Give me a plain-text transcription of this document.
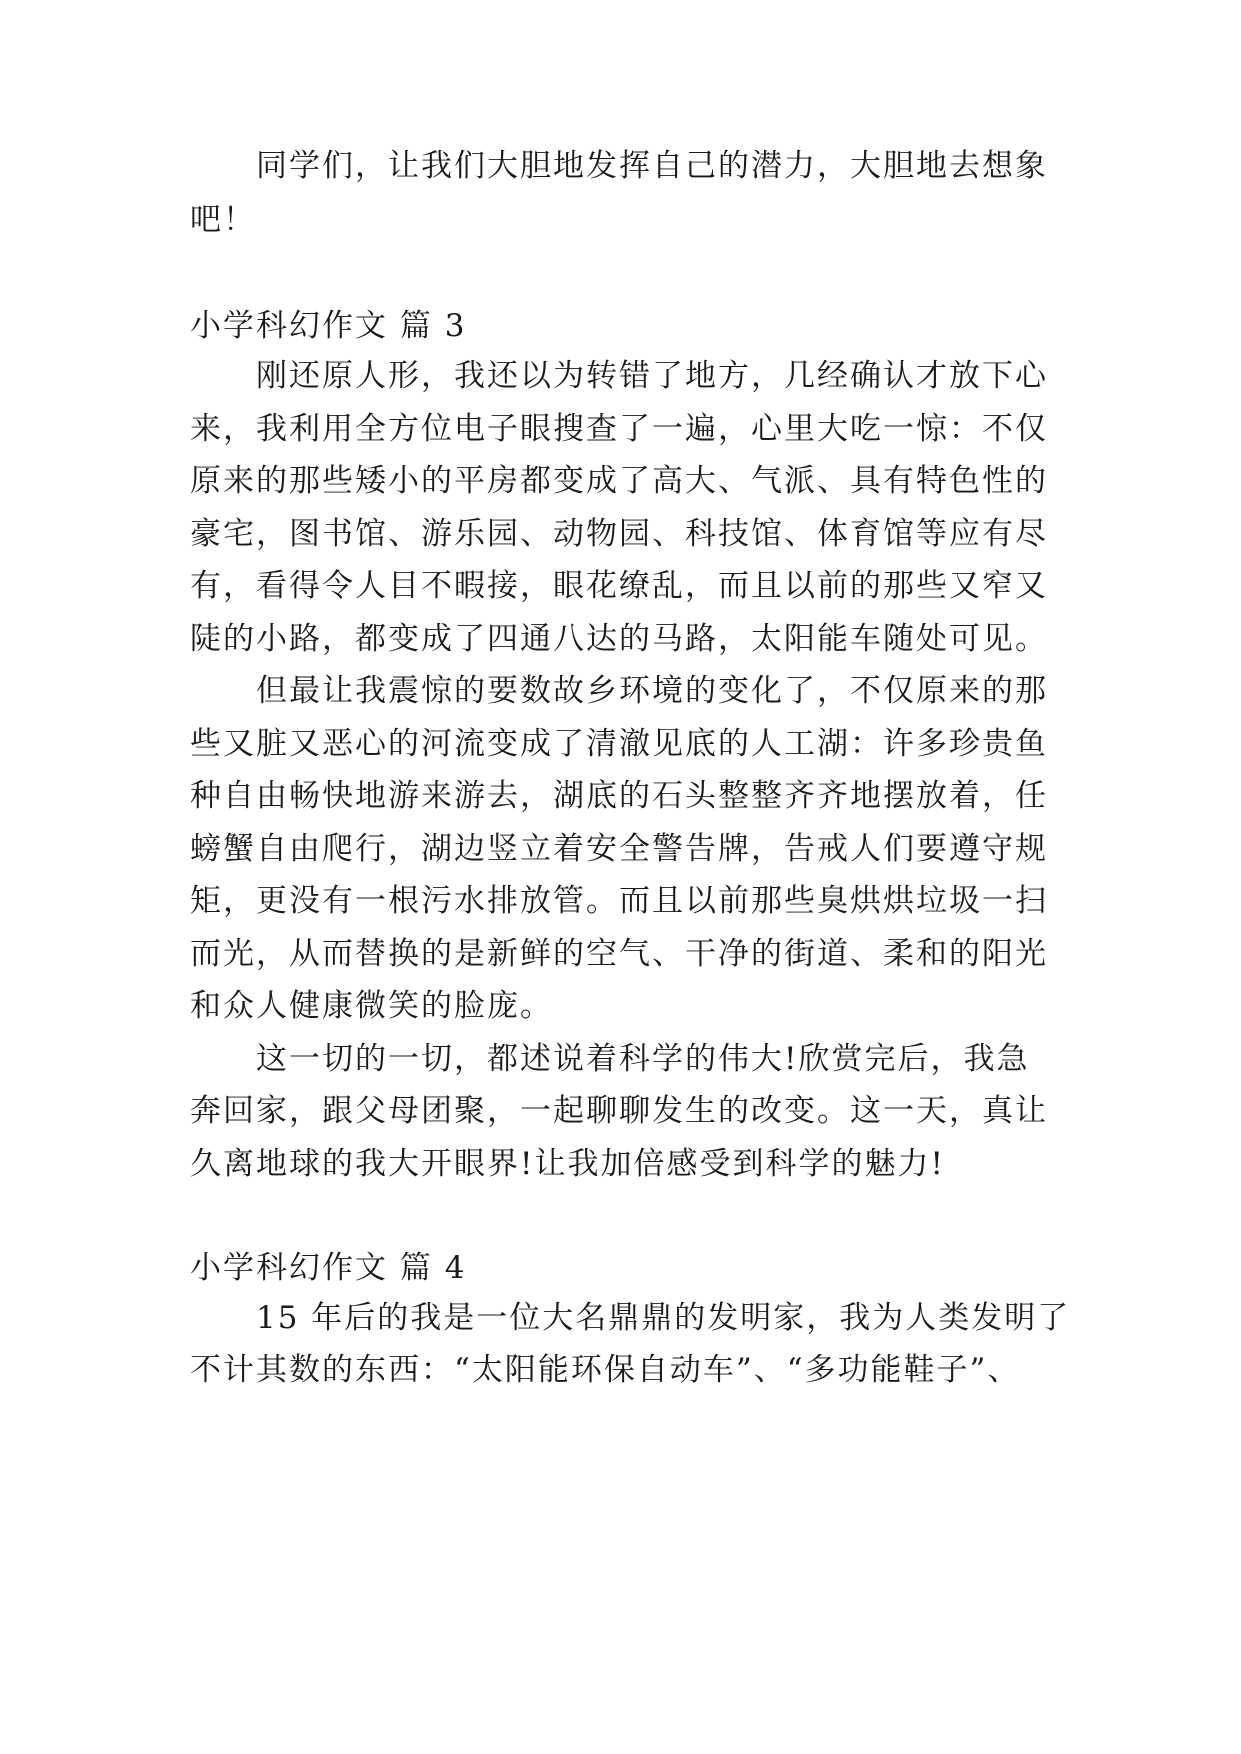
同学们，让我们大胆地发挥自己的潜力，大胆地去想象
吧！
小学科幻作文 篇 3
刚还原人形，我还以为转错了地方，几经确认才放下心
来，我利用全方位电子眼搜查了一遍，心里大吃一惊：不仅
原来的那些矮小的平房都变成了高大、气派、具有特色性的
豪宅，图书馆、游乐园、动物园、科技馆、体育馆等应有尽
有，看得令人目不暇接，眼花缭乱，而且以前的那些又窄又
陡的小路，都变成了四通八达的马路，太阳能车随处可见。
但最让我震惊的要数故乡环境的变化了，不仅原来的那
些又脏又恶心的河流变成了清澈见底的人工湖：许多珍贵鱼
种自由畅快地游来游去，湖底的石头整整齐齐地摆放着，任
螃蟹自由爬行，湖边竖立着安全警告牌，告戒人们要遵守规
矩，更没有一根污水排放管。而且以前那些臭烘烘垃圾一扫
而光，从而替换的是新鲜的空气、干净的街道、柔和的阳光
和众人健康微笑的脸庞。
这一切的一切，都述说着科学的伟大!欣赏完后，我急
奔回家，跟父母团聚，一起聊聊发生的改变。这一天，真让
久离地球的我大开眼界!让我加倍感受到科学的魅力!
小学科幻作文 篇 4
15 年后的我是一位大名鼎鼎的发明家，我为人类发明了
不计其数的东西：“太阳能环保自动车”、“多功能鞋子”、
